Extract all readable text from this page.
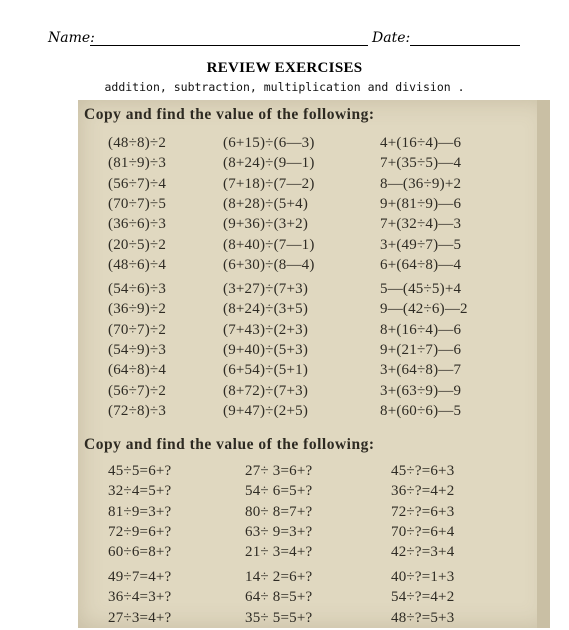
Name:	Date:
REVIEW EXERCISES
addition, subtraction, multiplication and division .
Copy and find the value of the following:
Copy and find the value of the following:
(48÷8)÷2	(6+15)÷(6—3)	4+(16÷4)—6
(81÷9)÷3	(8+24)÷(9—1)	7+(35÷5)—4
(56÷7)÷4	(7+18)÷(7—2)	8—(36÷9)+2
(70÷7)÷5	(8+28)÷(5+4)	9+(81÷9)—6
(36÷6)÷3	(9+36)÷(3+2)	7+(32÷4)—3
(20÷5)÷2	(8+40)÷(7—1)	3+(49÷7)—5
(48÷6)÷4	(6+30)÷(8—4)	6+(64÷8)—4
(54÷6)÷3	(3+27)÷(7+3)	5—(45÷5)+4
(36÷9)÷2	(8+24)÷(3+5)	9—(42÷6)—2
(70÷7)÷2	(7+43)÷(2+3)	8+(16÷4)—6
(54÷9)÷3	(9+40)÷(5+3)	9+(21÷7)—6
(64÷8)÷4	(6+54)÷(5+1)	3+(64÷8)—7
(56÷7)÷2	(8+72)÷(7+3)	3+(63÷9)—9
(72÷8)÷3	(9+47)÷(2+5)	8+(60÷6)—5
45÷5=6+?	27÷ 3=6+?	45÷?=6+3
32÷4=5+?	54÷ 6=5+?	36÷?=4+2
81÷9=3+?	80÷ 8=7+?	72÷?=6+3
72÷9=6+?	63÷ 9=3+?	70÷?=6+4
60÷6=8+?	21÷ 3=4+?	42÷?=3+4
49÷7=4+?	14÷ 2=6+?	40÷?=1+3
36÷4=3+?	64÷ 8=5+?	54÷?=4+2
27÷3=4+?	35÷ 5=5+?	48÷?=5+3
